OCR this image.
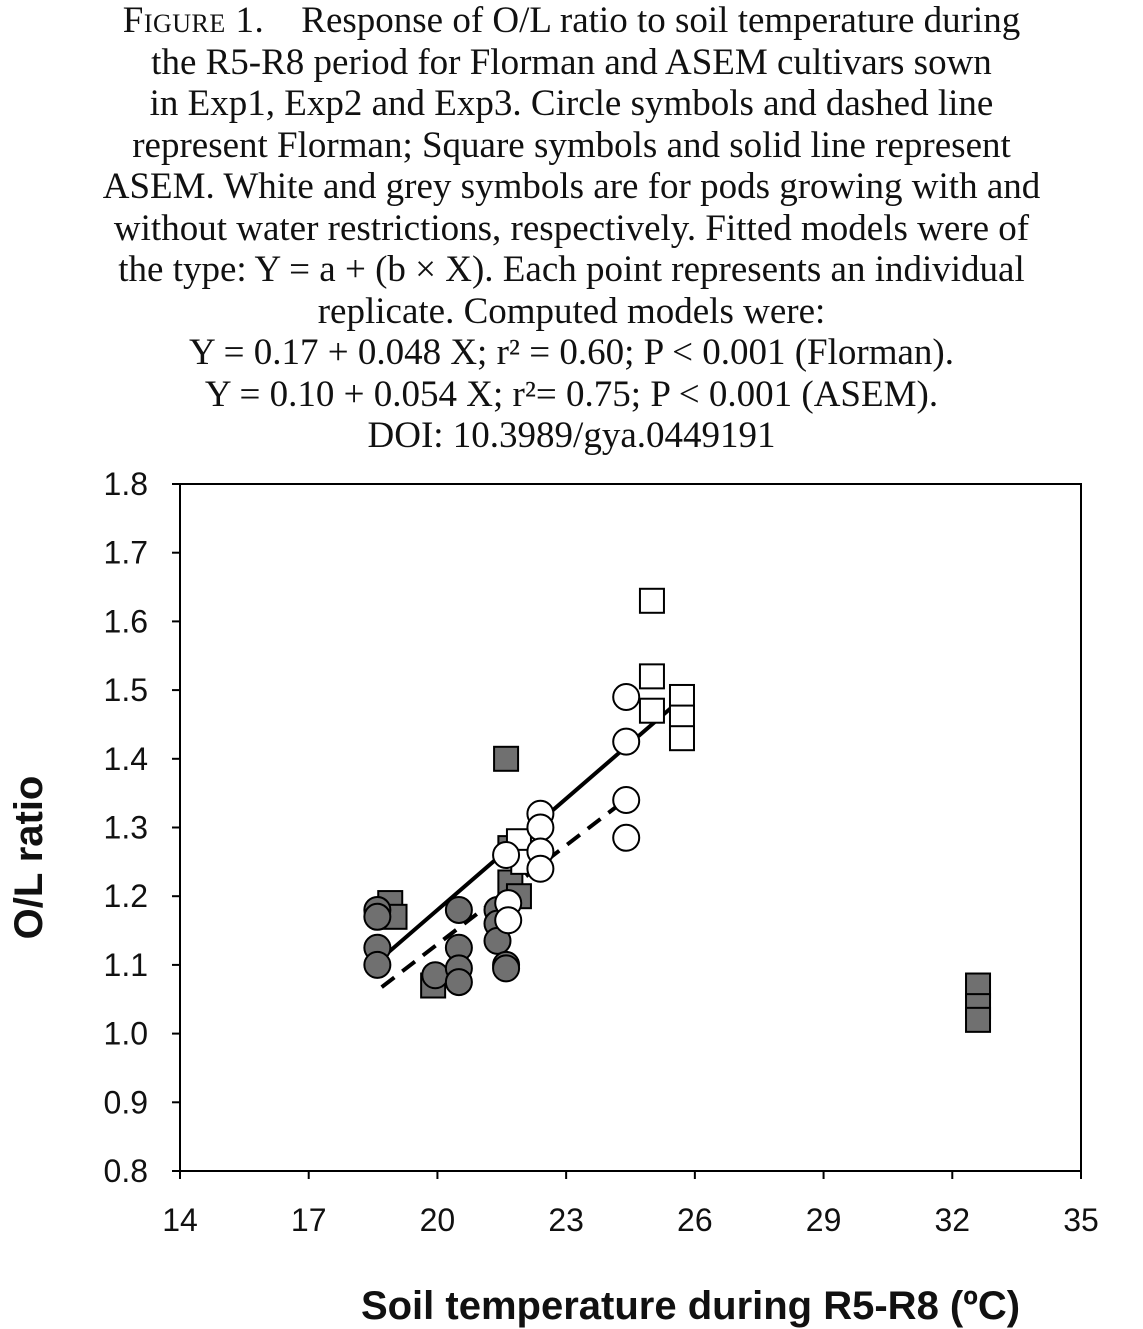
Figure 1. Response of O/L ratio to soil temperature during
the R5-R8 period for Florman and ASEM cultivars sown
in Exp1, Exp2 and Exp3. Circle symbols and dashed line
represent Florman; Square symbols and solid line represent
ASEM. White and grey symbols are for pods growing with and
without water restrictions, respectively. Fitted models were of
the type: Y = a + (b × X). Each point represents an individual
replicate. Computed models were:
Y = 0.17 + 0.048 X; r² = 0.60; P < 0.001 (Florman).
Y = 0.10 + 0.054 X; r²= 0.75; P < 0.001 (ASEM).
DOI: 10.3989/gya.0449191
14	17	20	23	26	29	32	35
0.8
0.9
1.0
1.1
1.2
1.3
1.4
1.5
1.6
1.7
1.8
Soil temperature during R5-R8 (ºC)
O/L ratio
